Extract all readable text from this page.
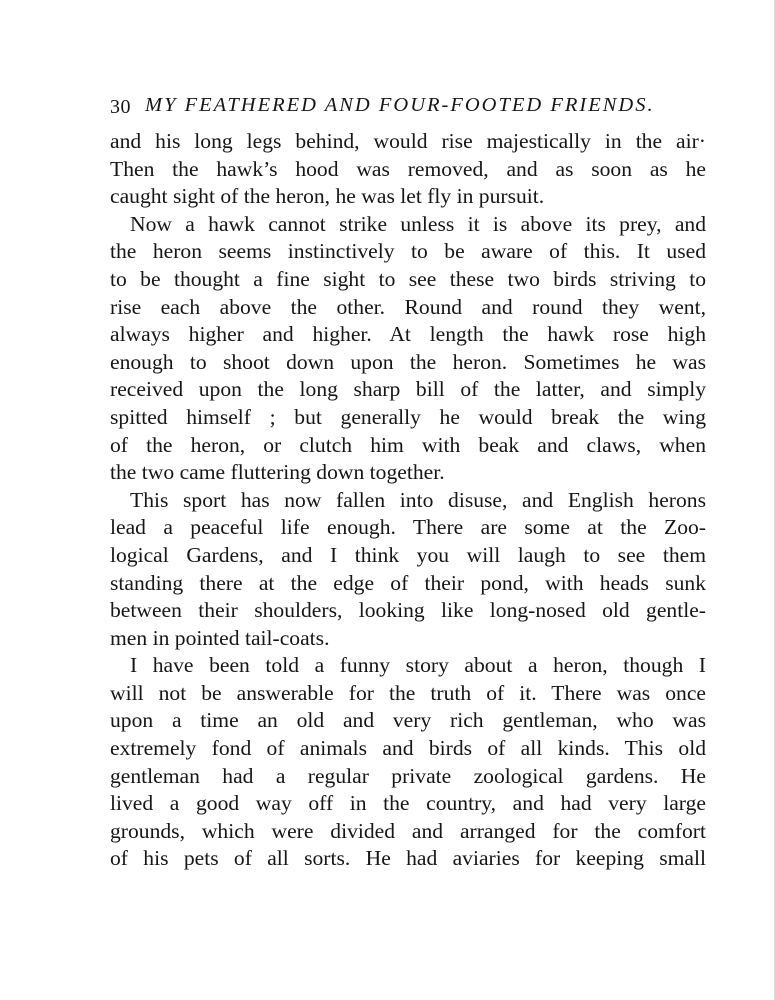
30 MY FEATHERED AND FOUR-FOOTED FRIENDS.
and his long legs behind, would rise majestically in the air·
Then the hawk’s hood was removed, and as soon as he
caught sight of the heron, he was let fly in pursuit.
Now a hawk cannot strike unless it is above its prey, and
the heron seems instinctively to be aware of this. It used
to be thought a fine sight to see these two birds striving to
rise each above the other. Round and round they went,
always higher and higher. At length the hawk rose high
enough to shoot down upon the heron. Sometimes he was
received upon the long sharp bill of the latter, and simply
spitted himself ; but generally he would break the wing
of the heron, or clutch him with beak and claws, when
the two came fluttering down together.
This sport has now fallen into disuse, and English herons
lead a peaceful life enough. There are some at the Zoo-
logical Gardens, and I think you will laugh to see them
standing there at the edge of their pond, with heads sunk
between their shoulders, looking like long-nosed old gentle-
men in pointed tail-coats.
I have been told a funny story about a heron, though I
will not be answerable for the truth of it. There was once
upon a time an old and very rich gentleman, who was
extremely fond of animals and birds of all kinds. This old
gentleman had a regular private zoological gardens. He
lived a good way off in the country, and had very large
grounds, which were divided and arranged for the comfort
of his pets of all sorts. He had aviaries for keeping small
